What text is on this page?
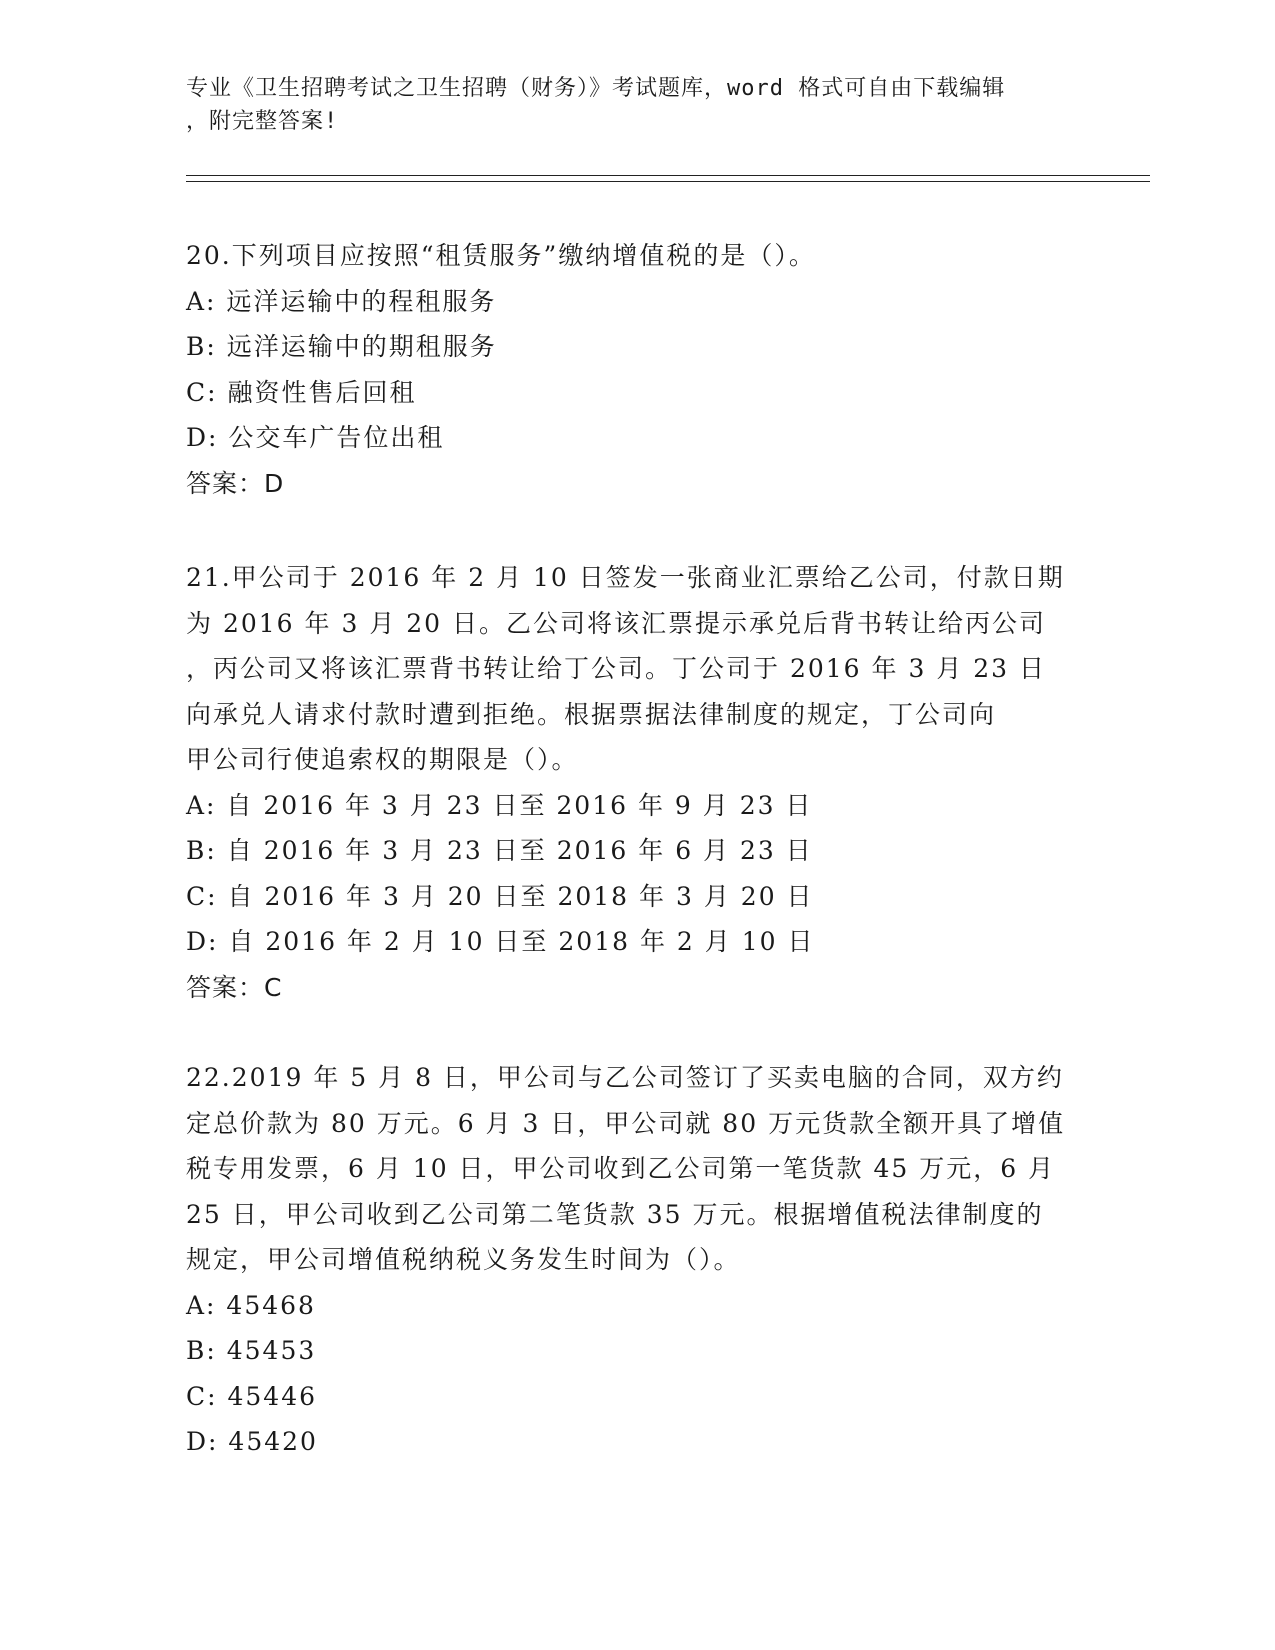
专业《卫生招聘考试之卫生招聘（财务）》考试题库，word 格式可自由下载编辑
，附完整答案!
20.下列项目应按照“租赁服务”缴纳增值税的是（）。
A: 远洋运输中的程租服务
B: 远洋运输中的期租服务
C: 融资性售后回租
D: 公交车广告位出租
答案：D
21.甲公司于 2016 年 2 月 10 日签发一张商业汇票给乙公司，付款日期
为 2016 年 3 月 20 日。乙公司将该汇票提示承兑后背书转让给丙公司
，丙公司又将该汇票背书转让给丁公司。丁公司于 2016 年 3 月 23 日
向承兑人请求付款时遭到拒绝。根据票据法律制度的规定，丁公司向
甲公司行使追索权的期限是（）。
A: 自 2016 年 3 月 23 日至 2016 年 9 月 23 日
B: 自 2016 年 3 月 23 日至 2016 年 6 月 23 日
C: 自 2016 年 3 月 20 日至 2018 年 3 月 20 日
D: 自 2016 年 2 月 10 日至 2018 年 2 月 10 日
答案：C
22.2019 年 5 月 8 日，甲公司与乙公司签订了买卖电脑的合同，双方约
定总价款为 80 万元。6 月 3 日，甲公司就 80 万元货款全额开具了增值
税专用发票，6 月 10 日，甲公司收到乙公司第一笔货款 45 万元，6 月
25 日，甲公司收到乙公司第二笔货款 35 万元。根据增值税法律制度的
规定，甲公司增值税纳税义务发生时间为（）。
A: 45468
B: 45453
C: 45446
D: 45420
